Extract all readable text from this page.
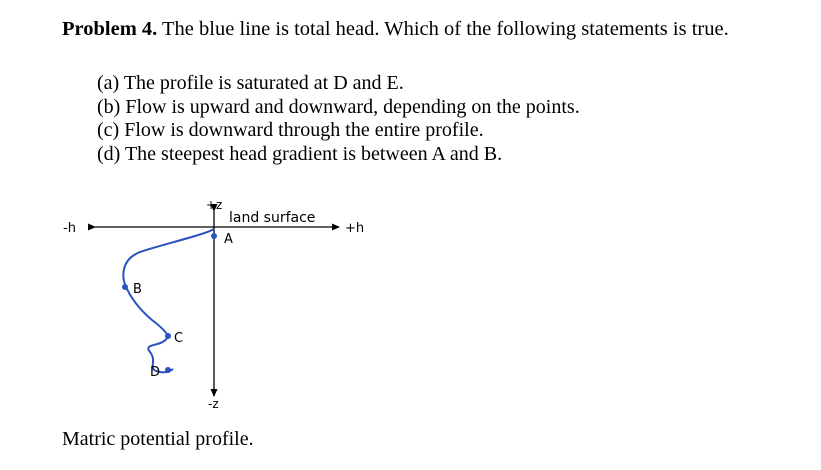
Problem 4. The blue line is total head. Which of the following statements is true.
(a) The profile is saturated at D and E.
(b) Flow is upward and downward, depending on the points.
(c) Flow is downward through the entire profile.
(d) The steepest head gradient is between A and B.
-h	+h
+z
-z
land surface
A
B
C
D
Matric potential profile.
